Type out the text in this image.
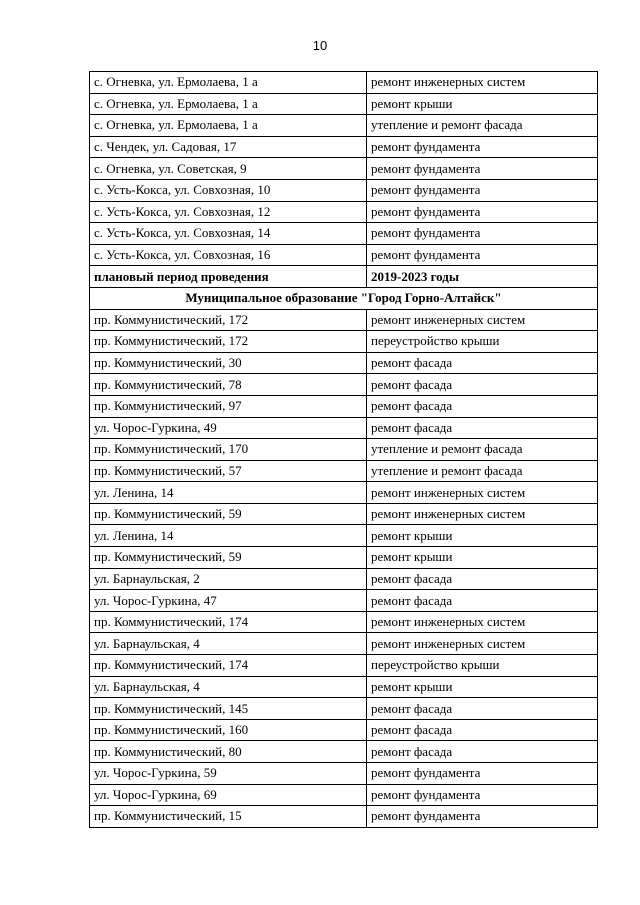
10
с. Огневка, ул. Ермолаева, 1 а	ремонт инженерных систем
с. Огневка, ул. Ермолаева, 1 а	ремонт крыши
с. Огневка, ул. Ермолаева, 1 а	утепление и ремонт фасада
с. Чендек, ул. Садовая, 17	ремонт фундамента
с. Огневка, ул. Советская, 9	ремонт фундамента
с. Усть-Кокса, ул. Совхозная, 10	ремонт фундамента
с. Усть-Кокса, ул. Совхозная, 12	ремонт фундамента
с. Усть-Кокса, ул. Совхозная, 14	ремонт фундамента
с. Усть-Кокса, ул. Совхозная, 16	ремонт фундамента
плановый период проведения	2019-2023 годы
Муниципальное образование "Город Горно-Алтайск"	
пр. Коммунистический, 172	ремонт инженерных систем
пр. Коммунистический, 172	переустройство крыши
пр. Коммунистический, 30	ремонт фасада
пр. Коммунистический, 78	ремонт фасада
пр. Коммунистический, 97	ремонт фасада
ул. Чорос-Гуркина, 49	ремонт фасада
пр. Коммунистический, 170	утепление и ремонт фасада
пр. Коммунистический, 57	утепление и ремонт фасада
ул. Ленина, 14	ремонт инженерных систем
пр. Коммунистический, 59	ремонт инженерных систем
ул. Ленина, 14	ремонт крыши
пр. Коммунистический, 59	ремонт крыши
ул. Барнаульская, 2	ремонт фасада
ул. Чорос-Гуркина, 47	ремонт фасада
пр. Коммунистический, 174	ремонт инженерных систем
ул. Барнаульская, 4	ремонт инженерных систем
пр. Коммунистический, 174	переустройство крыши
ул. Барнаульская, 4	ремонт крыши
пр. Коммунистический, 145	ремонт фасада
пр. Коммунистический, 160	ремонт фасада
пр. Коммунистический, 80	ремонт фасада
ул. Чорос-Гуркина, 59	ремонт фундамента
ул. Чорос-Гуркина, 69	ремонт фундамента
пр. Коммунистический, 15	ремонт фундамента
